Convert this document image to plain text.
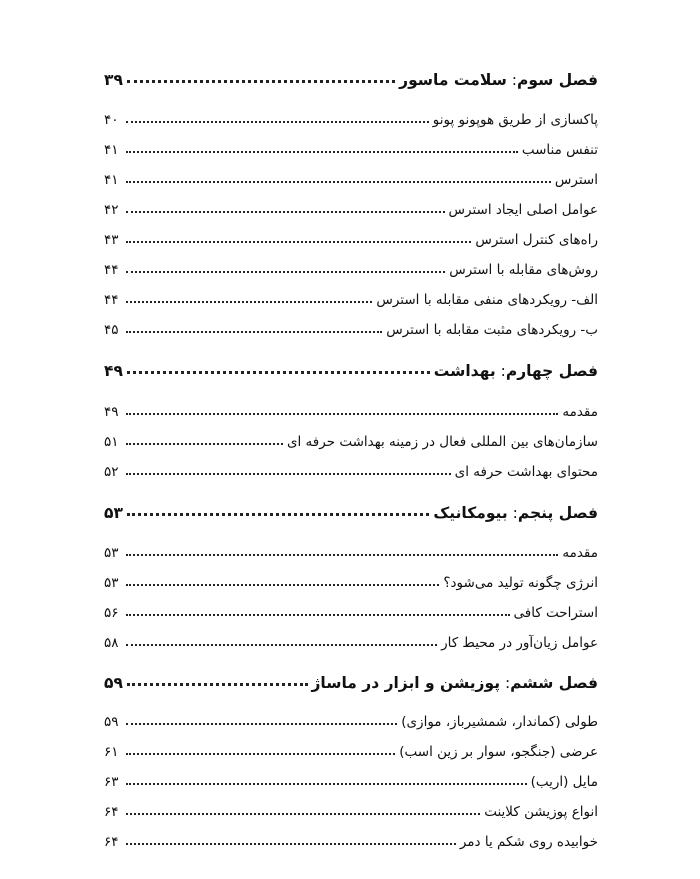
فصل سوم: سلامت ماسور
۳۹
پاکسازی از طریق هوپونو پونو
۴۰
تنفس مناسب
۴۱
استرس
۴۱
عوامل اصلی ایجاد استرس
۴۲
راه‌های کنترل استرس
۴۳
روش‌های مقابله با استرس
۴۴
الف- رویکردهای منفی مقابله با استرس
۴۴
ب- رویکردهای مثبت مقابله با استرس
۴۵
فصل چهارم: بهداشت
۴۹
مقدمه
۴۹
سازمان‌های بین المللی فعال در زمینه بهداشت حرفه ای
۵۱
محتوای بهداشت حرفه ای
۵۲
فصل پنجم: بیومکانیک
۵۳
مقدمه
۵۳
انرژی چگونه تولید می‌شود؟
۵۳
استراحت کافی
۵۶
عوامل زیان‌آور در محیط کار
۵۸
فصل ششم: پوزیشن و ابزار در ماساژ
۵۹
طولی (کماندار، شمشیرباز، موازی)
۵۹
عرضی (جنگجو، سوار بر زین اسب)
۶۱
مایل (اریب)
۶۳
انواع پوزیشن کلاینت
۶۴
خوابیده روی شکم یا دمر
۶۴
